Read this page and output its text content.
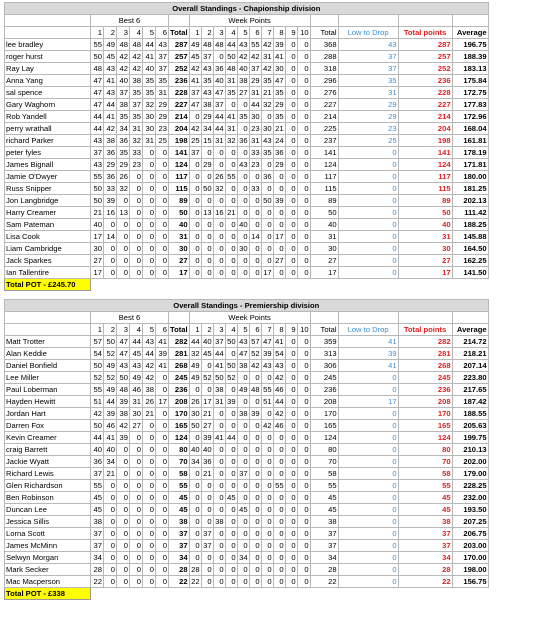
Overall Standings - Chapionship division																					
	Best 6							Week Points													
	1	2	3	4	5	6	Total	1	2	3	4	5	6	7	8	9	10	Total	Low to Drop	Total points	Average
lee bradley	55	49	48	48	44	43	287	49	48	48	44	43	55	42	39	0	0	368	43	287	196.75
roger hurst	50	45	42	42	41	37	257	45	37	0	50	42	42	31	41	0	0	288	37	257	188.39
Ray Lay	48	43	42	42	40	37	252	42	43	36	48	40	37	42	30	0	0	318	37	252	183.13
Anna Yang	47	41	40	38	35	35	236	41	35	40	31	38	29	35	47	0	0	296	35	236	175.84
sal spence	47	43	37	35	35	31	228	37	43	47	35	27	31	21	35	0	0	276	31	228	172.75
Gary Waghorn	47	44	38	37	32	29	227	47	38	37	0	0	44	32	29	0	0	227	29	227	177.83
Rob Yandell	44	41	35	35	30	29	214	0	29	44	41	35	30	0	35	0	0	214	29	214	172.96
perry wrathall	44	42	34	31	30	23	204	42	34	44	31	0	23	30	21	0	0	225	23	204	168.04
richard Parker	43	38	36	32	31	25	198	25	15	31	32	36	31	43	24	0	0	237	25	198	161.81
peter fyles	37	36	35	33	0	0	141	37	0	0	0	0	33	35	36	0	0	141	0	141	178.19
James Bignall	43	29	29	23	0	0	124	0	29	0	0	43	23	0	29	0	0	124	0	124	171.81
Jamie O'Dwyer	55	36	26	0	0	0	117	0	0	26	55	0	0	36	0	0	0	117	0	117	180.00
Russ Snipper	50	33	32	0	0	0	115	0	50	32	0	0	33	0	0	0	0	115	0	115	181.25
Jon Langbridge	50	39	0	0	0	0	89	0	0	0	0	0	0	50	39	0	0	89	0	89	202.13
Harry Creamer	21	16	13	0	0	0	50	0	13	16	21	0	0	0	0	0	0	50	0	50	111.42
Sam Pateman	40	0	0	0	0	0	40	0	0	0	0	40	0	0	0	0	0	40	0	40	188.25
Lisa Cook	17	14	0	0	0	0	31	0	0	0	0	0	14	0	17	0	0	31	0	31	145.88
Liam Cambridge	30	0	0	0	0	0	30	0	0	0	0	30	0	0	0	0	0	30	0	30	164.50
Jack Sparkes	27	0	0	0	0	0	27	0	0	0	0	0	0	0	27	0	0	27	0	27	162.25
Ian Tallentire	17	0	0	0	0	0	17	0	0	0	0	0	0	17	0	0	0	17	0	17	141.50
Total POT - £245.70																					
Overall Standings - Premiership division																					
	Best 6							Week Points													
	1	2	3	4	5	6	Total	1	2	3	4	5	6	7	8	9	10	Total	Low to Drop	Total points	Average
Matt Trotter	57	50	47	44	43	41	282	44	40	37	50	43	57	47	41	0	0	359	41	282	214.72
Alan Keddie	54	52	47	45	44	39	281	32	45	44	0	47	52	39	54	0	0	313	39	281	218.21
Daniel Bonfield	50	49	43	43	42	41	268	49	0	41	50	38	42	43	43	0	0	306	41	268	207.14
Lee Miller	52	52	50	49	42	0	245	49	52	50	52	0	0	0	42	0	0	245	0	245	223.80
Paul Loberman	55	49	48	46	38	0	236	0	0	38	0	49	48	55	46	0	0	236	0	236	217.65
Hayden Hewitt	51	44	39	31	26	17	208	26	17	31	39	0	0	51	44	0	0	208	17	208	187.42
Jordan Hart	42	39	38	30	21	0	170	30	21	0	0	38	39	0	42	0	0	170	0	170	188.55
Darren Fox	50	46	42	27	0	0	165	50	27	0	0	0	0	42	46	0	0	165	0	165	205.63
Kevin Creamer	44	41	39	0	0	0	124	0	39	41	44	0	0	0	0	0	0	124	0	124	199.75
craig Barrett	40	40	0	0	0	0	80	40	40	0	0	0	0	0	0	0	0	80	0	80	210.13
Jackie Wyatt	36	34	0	0	0	0	70	34	36	0	0	0	0	0	0	0	0	70	0	70	202.00
Richard Lewis	37	21	0	0	0	0	58	0	21	0	0	37	0	0	0	0	0	58	0	58	179.00
Glen Richardson	55	0	0	0	0	0	55	0	0	0	0	0	0	0	55	0	0	55	0	55	228.25
Ben Robinson	45	0	0	0	0	0	45	0	0	0	45	0	0	0	0	0	0	45	0	45	232.00
Duncan Lee	45	0	0	0	0	0	45	0	0	0	0	45	0	0	0	0	0	45	0	45	193.50
Jessica Sillis	38	0	0	0	0	0	38	0	0	38	0	0	0	0	0	0	0	38	0	38	207.25
Lorna Scott	37	0	0	0	0	0	37	0	37	0	0	0	0	0	0	0	0	37	0	37	206.75
James McMinn	37	0	0	0	0	0	37	0	37	0	0	0	0	0	0	0	0	37	0	37	203.00
Selwyn Morgan	34	0	0	0	0	0	34	0	0	0	0	34	0	0	0	0	0	34	0	34	170.00
Mark Secker	28	0	0	0	0	0	28	28	0	0	0	0	0	0	0	0	0	28	0	28	198.00
Mac Macperson	22	0	0	0	0	0	22	22	0	0	0	0	0	0	0	0	0	22	0	22	156.75
Total POT - £338																					
